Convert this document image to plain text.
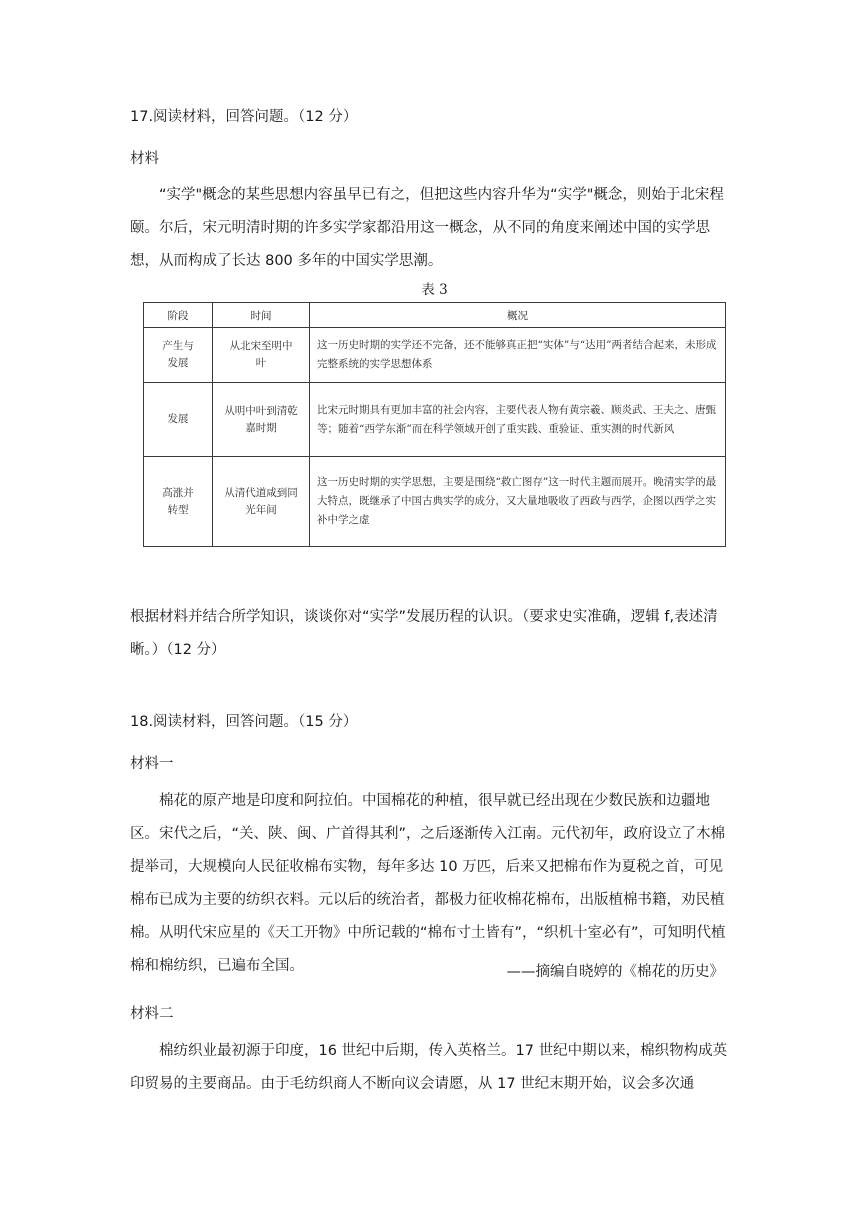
17.阅读材料，回答问题。（12 分）
材料
“实学"概念的某些思想内容虽早已有之，但把这些内容升华为“实学"概念，则始于北宋程颐。尔后，宋元明清时期的许多实学家都沿用这一概念，从不同的角度来阐述中国的实学思想，从而构成了长达 800 多年的中国实学思潮。
表 3
阶段	时间	概况

产生与发展	从北宋至明中叶	这一历史时期的实学还不完备，还不能够真正把“实体”与“达用”两者结合起来，未形成完整系统的实学思想体系
发展	从明中叶到清乾嘉时期	比宋元时期具有更加丰富的社会内容，主要代表人物有黄宗羲、顾炎武、王夫之、唐甄等；随着“西学东渐”而在科学领域开创了重实践、重验证、重实测的时代新风

高涨并转型	从清代道咸到同光年间	这一历史时期的实学思想，主要是围绕“救亡图存”这一时代主题而展开。晚清实学的最大特点，既继承了中国古典实学的成分，又大量地吸收了西政与西学，企图以西学之实补中学之虚
根据材料并结合所学知识，谈谈你对“实学”发展历程的认识。（要求史实准确，逻辑 f,表述清晰。）（12 分）
18.阅读材料，回答问题。（15 分）
材料一
棉花的原产地是印度和阿拉伯。中国棉花的种植，很早就已经出现在少数民族和边疆地区。宋代之后，“关、陕、闽、广首得其利”，之后逐渐传入江南。元代初年，政府设立了木棉提举司，大规模向人民征收棉布实物，每年多达 10 万匹，后来又把棉布作为夏税之首，可见棉布已成为主要的纺织衣料。元以后的统治者，都极力征收棉花棉布，出版植棉书籍，劝民植棉。从明代宋应星的《天工开物》中所记载的“棉布寸土皆有”，“织机十室必有”，可知明代植棉和棉纺织，已遍布全国。	——摘编自晓婷的《棉花的历史》
材料二
棉纺织业最初源于印度，16 世纪中后期，传入英格兰。17 世纪中期以来，棉织物构成英印贸易的主要商品。由于毛纺织商人不断向议会请愿，从 17 世纪末期开始，议会多次通
